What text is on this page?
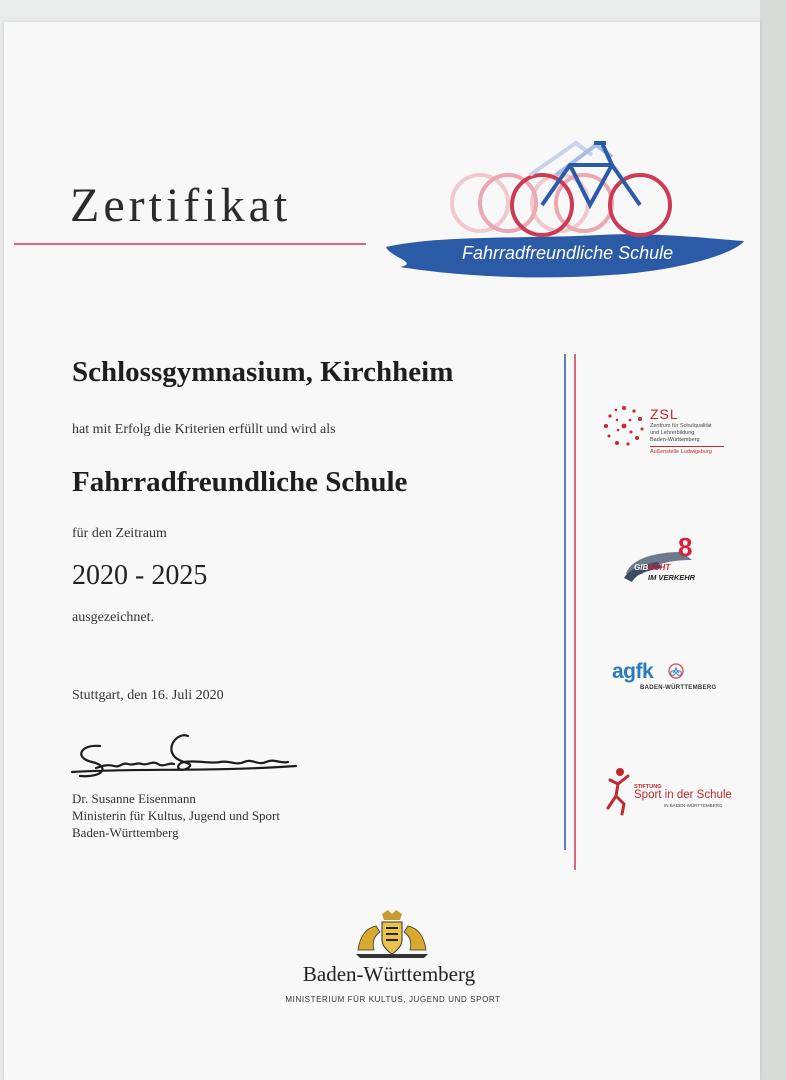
Zertifikat
Fahrradfreundliche Schule
Schlossgymnasium, Kirchheim
hat mit Erfolg die Kriterien erfüllt und wird als
Fahrradfreundliche Schule
für den Zeitraum
2020 - 2025
ausgezeichnet.
Stuttgart, den 16. Juli 2020
Dr. Susanne Eisenmann
Ministerin für Kultus, Jugend und Sport
Baden-Württemberg
ZSL
Zentrum für Schulqualität
und Lehrerbildung
Baden-Württemberg
Außenstelle Ludwigsburg
8
GIB ACHT
IM VERKEHR
agfk
BADEN-WÜRTTEMBERG
STIFTUNG
Sport in der Schule
IN BADEN-WÜRTTEMBERG
Baden-Württemberg
MINISTERIUM FÜR KULTUS, JUGEND UND SPORT
